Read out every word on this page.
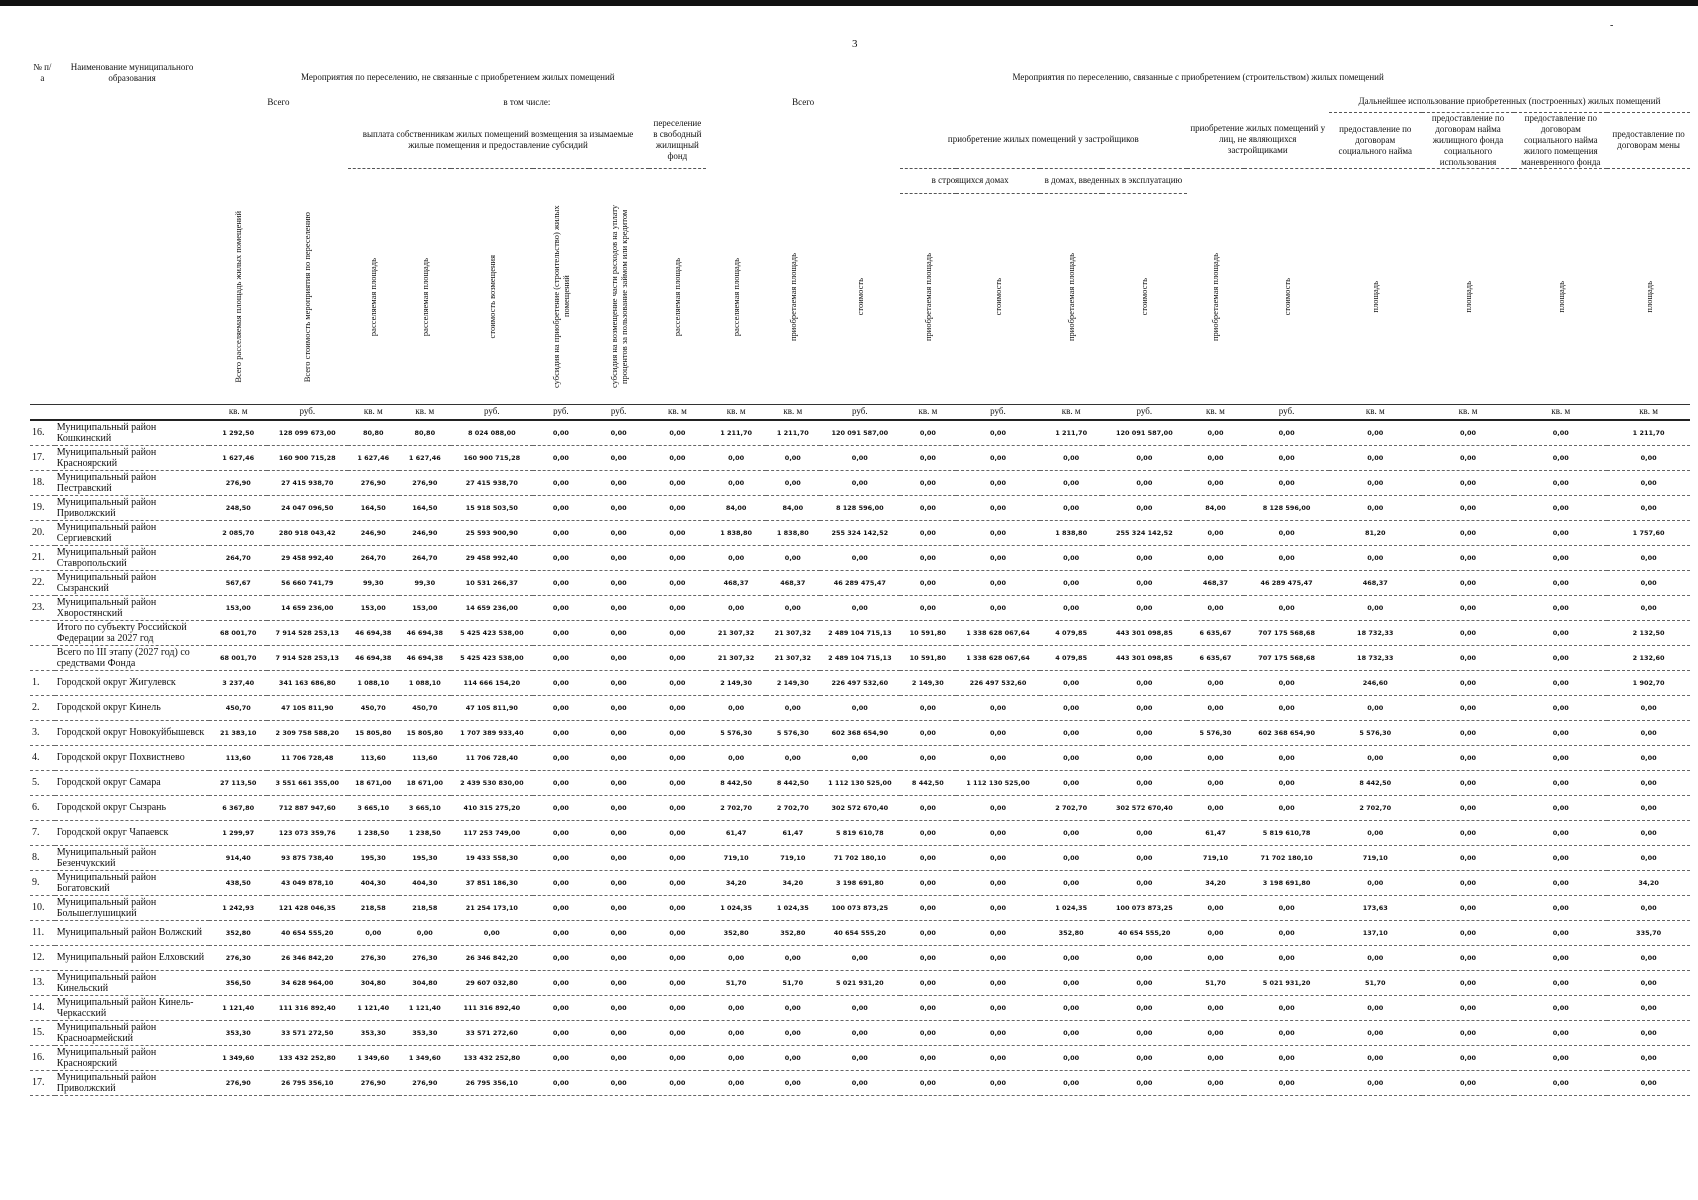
3
-
№ п/а	Наименование муниципального образования	Мероприятия по переселению, не связанные с приобретением жилых помещений								Мероприятия по переселению, связанные с приобретением (строительством) жилых помещений												
		Всего		в том числе:						Всего									Дальнейшее использование приобретенных (построенных) жилых помещений			
				выплата собственникам жилых помещений возмещения за изымаемые жилые помещения и предоставление субсидий					переселение в свободный жилищный фонд				приобретение жилых помещений у застройщиков				приобретение жилых помещений у лиц, не являющихся застройщиками		предоставление по договорам социального найма	предоставление по договорам найма жилищного фонда социального использования	предоставление по договорам социального найма жилого помещения маневренного фонда	предоставление по договорам мены
													в строящихся домах		в домах, введенных в эксплуатацию							
		Всего расселяемая площадь жилых помещений	Всего стоимость мероприятия по переселению	расселяемая площадь	расселяемая площадь	стоимость возмещения	субсидия на приобретение (строительство) жилых помещений	субсидия на возмещение части расходов на уплату процентов за пользование займом или кредитом	расселяемая площадь	расселяемая площадь	приобретаемая площадь	стоимость	приобретаемая площадь	стоимость	приобретаемая площадь	стоимость	приобретаемая площадь	стоимость	площадь	площадь	площадь	площадь
		кв. м	руб.	кв. м	кв. м	руб.	руб.	руб.	кв. м	кв. м	кв. м	руб.	кв. м	руб.	кв. м	руб.	кв. м	руб.	кв. м	кв. м	кв. м	кв. м
16.	Муниципальный район Кошкинский	1 292,50	128 099 673,00	80,80	80,80	8 024 088,00	0,00	0,00	0,00	1 211,70	1 211,70	120 091 587,00	0,00	0,00	1 211,70	120 091 587,00	0,00	0,00	0,00	0,00	0,00	1 211,70
17.	Муниципальный район Красноярский	1 627,46	160 900 715,28	1 627,46	1 627,46	160 900 715,28	0,00	0,00	0,00	0,00	0,00	0,00	0,00	0,00	0,00	0,00	0,00	0,00	0,00	0,00	0,00	0,00
18.	Муниципальный район Пестравский	276,90	27 415 938,70	276,90	276,90	27 415 938,70	0,00	0,00	0,00	0,00	0,00	0,00	0,00	0,00	0,00	0,00	0,00	0,00	0,00	0,00	0,00	0,00
19.	Муниципальный район Приволжский	248,50	24 047 096,50	164,50	164,50	15 918 503,50	0,00	0,00	0,00	84,00	84,00	8 128 596,00	0,00	0,00	0,00	0,00	84,00	8 128 596,00	0,00	0,00	0,00	0,00
20.	Муниципальный район Сергиевский	2 085,70	280 918 043,42	246,90	246,90	25 593 900,90	0,00	0,00	0,00	1 838,80	1 838,80	255 324 142,52	0,00	0,00	1 838,80	255 324 142,52	0,00	0,00	81,20	0,00	0,00	1 757,60
21.	Муниципальный район Ставропольский	264,70	29 458 992,40	264,70	264,70	29 458 992,40	0,00	0,00	0,00	0,00	0,00	0,00	0,00	0,00	0,00	0,00	0,00	0,00	0,00	0,00	0,00	0,00
22.	Муниципальный район Сызранский	567,67	56 660 741,79	99,30	99,30	10 531 266,37	0,00	0,00	0,00	468,37	468,37	46 289 475,47	0,00	0,00	0,00	0,00	468,37	46 289 475,47	468,37	0,00	0,00	0,00
23.	Муниципальный район Хворостянский	153,00	14 659 236,00	153,00	153,00	14 659 236,00	0,00	0,00	0,00	0,00	0,00	0,00	0,00	0,00	0,00	0,00	0,00	0,00	0,00	0,00	0,00	0,00
	Итого по субъекту Российской Федерации за 2027 год	68 001,70	7 914 528 253,13	46 694,38	46 694,38	5 425 423 538,00	0,00	0,00	0,00	21 307,32	21 307,32	2 489 104 715,13	10 591,80	1 338 628 067,64	4 079,85	443 301 098,85	6 635,67	707 175 568,68	18 732,33	0,00	0,00	2 132,50
	Всего по III этапу (2027 год) со средствами Фонда	68 001,70	7 914 528 253,13	46 694,38	46 694,38	5 425 423 538,00	0,00	0,00	0,00	21 307,32	21 307,32	2 489 104 715,13	10 591,80	1 338 628 067,64	4 079,85	443 301 098,85	6 635,67	707 175 568,68	18 732,33	0,00	0,00	2 132,60
1.	Городской округ Жигулевск	3 237,40	341 163 686,80	1 088,10	1 088,10	114 666 154,20	0,00	0,00	0,00	2 149,30	2 149,30	226 497 532,60	2 149,30	226 497 532,60	0,00	0,00	0,00	0,00	246,60	0,00	0,00	1 902,70
2.	Городской округ Кинель	450,70	47 105 811,90	450,70	450,70	47 105 811,90	0,00	0,00	0,00	0,00	0,00	0,00	0,00	0,00	0,00	0,00	0,00	0,00	0,00	0,00	0,00	0,00
3.	Городской округ Новокуйбышевск	21 383,10	2 309 758 588,20	15 805,80	15 805,80	1 707 389 933,40	0,00	0,00	0,00	5 576,30	5 576,30	602 368 654,90	0,00	0,00	0,00	0,00	5 576,30	602 368 654,90	5 576,30	0,00	0,00	0,00
4.	Городской округ Похвистнево	113,60	11 706 728,48	113,60	113,60	11 706 728,40	0,00	0,00	0,00	0,00	0,00	0,00	0,00	0,00	0,00	0,00	0,00	0,00	0,00	0,00	0,00	0,00
5.	Городской округ Самара	27 113,50	3 551 661 355,00	18 671,00	18 671,00	2 439 530 830,00	0,00	0,00	0,00	8 442,50	8 442,50	1 112 130 525,00	8 442,50	1 112 130 525,00	0,00	0,00	0,00	0,00	8 442,50	0,00	0,00	0,00
6.	Городской округ Сызрань	6 367,80	712 887 947,60	3 665,10	3 665,10	410 315 275,20	0,00	0,00	0,00	2 702,70	2 702,70	302 572 670,40	0,00	0,00	2 702,70	302 572 670,40	0,00	0,00	2 702,70	0,00	0,00	0,00
7.	Городской округ Чапаевск	1 299,97	123 073 359,76	1 238,50	1 238,50	117 253 749,00	0,00	0,00	0,00	61,47	61,47	5 819 610,78	0,00	0,00	0,00	0,00	61,47	5 819 610,78	0,00	0,00	0,00	0,00
8.	Муниципальный район Безенчукский	914,40	93 875 738,40	195,30	195,30	19 433 558,30	0,00	0,00	0,00	719,10	719,10	71 702 180,10	0,00	0,00	0,00	0,00	719,10	71 702 180,10	719,10	0,00	0,00	0,00
9.	Муниципальный район Богатовский	438,50	43 049 878,10	404,30	404,30	37 851 186,30	0,00	0,00	0,00	34,20	34,20	3 198 691,80	0,00	0,00	0,00	0,00	34,20	3 198 691,80	0,00	0,00	0,00	34,20
10.	Муниципальный район Большеглушицкий	1 242,93	121 428 046,35	218,58	218,58	21 254 173,10	0,00	0,00	0,00	1 024,35	1 024,35	100 073 873,25	0,00	0,00	1 024,35	100 073 873,25	0,00	0,00	173,63	0,00	0,00	0,00
11.	Муниципальный район Волжский	352,80	40 654 555,20	0,00	0,00	0,00	0,00	0,00	0,00	352,80	352,80	40 654 555,20	0,00	0,00	352,80	40 654 555,20	0,00	0,00	137,10	0,00	0,00	335,70
12.	Муниципальный район Елховский	276,30	26 346 842,20	276,30	276,30	26 346 842,20	0,00	0,00	0,00	0,00	0,00	0,00	0,00	0,00	0,00	0,00	0,00	0,00	0,00	0,00	0,00	0,00
13.	Муниципальный район Кинельский	356,50	34 628 964,00	304,80	304,80	29 607 032,80	0,00	0,00	0,00	51,70	51,70	5 021 931,20	0,00	0,00	0,00	0,00	51,70	5 021 931,20	51,70	0,00	0,00	0,00
14.	Муниципальный район Кинель-Черкасский	1 121,40	111 316 892,40	1 121,40	1 121,40	111 316 892,40	0,00	0,00	0,00	0,00	0,00	0,00	0,00	0,00	0,00	0,00	0,00	0,00	0,00	0,00	0,00	0,00
15.	Муниципальный район Красноармейский	353,30	33 571 272,50	353,30	353,30	33 571 272,60	0,00	0,00	0,00	0,00	0,00	0,00	0,00	0,00	0,00	0,00	0,00	0,00	0,00	0,00	0,00	0,00
16.	Муниципальный район Красноярский	1 349,60	133 432 252,80	1 349,60	1 349,60	133 432 252,80	0,00	0,00	0,00	0,00	0,00	0,00	0,00	0,00	0,00	0,00	0,00	0,00	0,00	0,00	0,00	0,00
17.	Муниципальный район Приволжский	276,90	26 795 356,10	276,90	276,90	26 795 356,10	0,00	0,00	0,00	0,00	0,00	0,00	0,00	0,00	0,00	0,00	0,00	0,00	0,00	0,00	0,00	0,00
